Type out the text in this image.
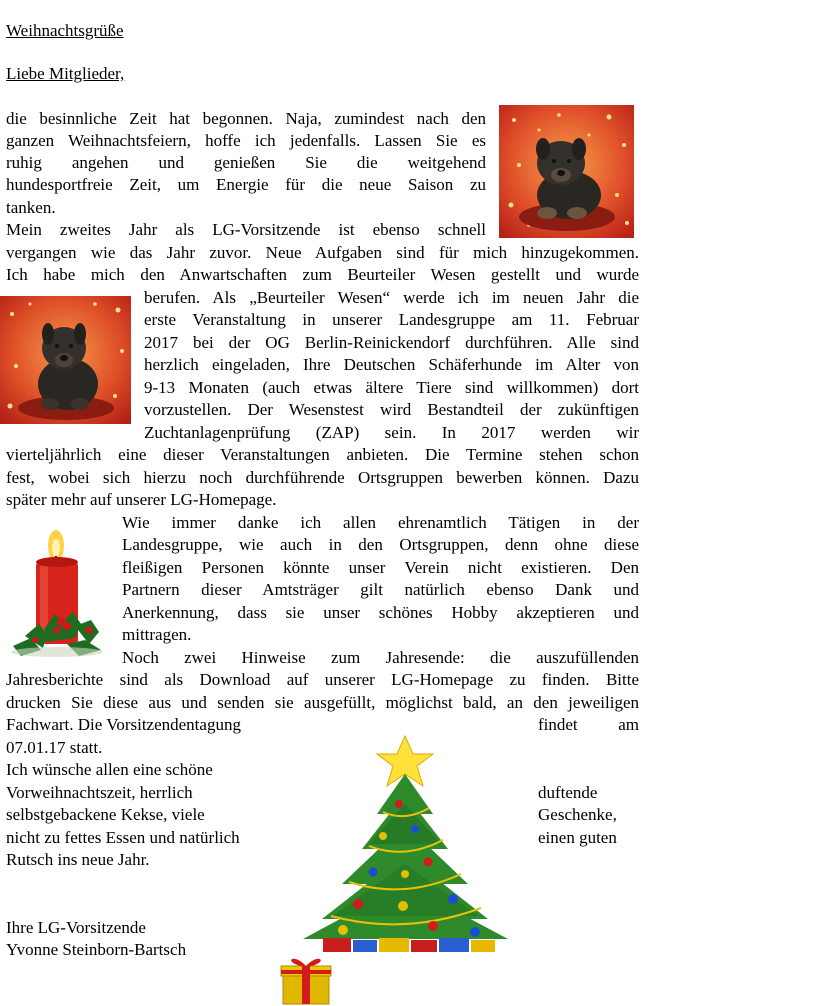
Weihnachtsgrüße
Liebe Mitglieder,
die besinnliche Zeit hat begonnen. Naja, zumindest nach den
ganzen Weihnachtsfeiern, hoffe ich jedenfalls. Lassen Sie es
ruhig angehen und genießen Sie die weitgehend
hundesportfreie Zeit, um Energie für die neue Saison zu
tanken.
Mein zweites Jahr als LG-Vorsitzende ist ebenso schnell
vergangen wie das Jahr zuvor. Neue Aufgaben sind für mich hinzugekommen.
Ich habe mich den Anwartschaften zum Beurteiler Wesen gestellt und wurde
berufen. Als „Beurteiler Wesen“ werde ich im neuen Jahr die
erste Veranstaltung in unserer Landesgruppe am 11. Februar
2017 bei der OG Berlin-Reinickendorf durchführen. Alle sind
herzlich eingeladen, Ihre Deutschen Schäferhunde im Alter von
9-13 Monaten (auch etwas ältere Tiere sind willkommen) dort
vorzustellen. Der Wesenstest wird Bestandteil der zukünftigen
Zuchtanlagenprüfung (ZAP) sein. In 2017 werden wir
vierteljährlich eine dieser Veranstaltungen anbieten. Die Termine stehen schon
fest, wobei sich hierzu noch durchführende Ortsgruppen bewerben können. Dazu
später mehr auf unserer LG-Homepage.
Wie immer danke ich allen ehrenamtlich Tätigen in der
Landesgruppe, wie auch in den Ortsgruppen, denn ohne diese
fleißigen Personen könnte unser Verein nicht existieren. Den
Partnern dieser Amtsträger gilt natürlich ebenso Dank und
Anerkennung, dass sie unser schönes Hobby akzeptieren und
mittragen.
Noch zwei Hinweise zum Jahresende: die auszufüllenden
Jahresberichte sind als Download auf unserer LG-Homepage zu finden. Bitte
drucken Sie diese aus und senden sie ausgefüllt, möglichst bald, an den jeweiligen
Fachwart. Die Vorsitzendentagung	findet am
07.01.17 statt.
Ich wünsche allen eine schöne
Vorweihnachtszeit, herrlich	duftende
selbstgebackene Kekse, viele	Geschenke,
nicht zu fettes Essen und natürlich	einen guten
Rutsch ins neue Jahr.
Ihre LG-Vorsitzende
Yvonne Steinborn-Bartsch
